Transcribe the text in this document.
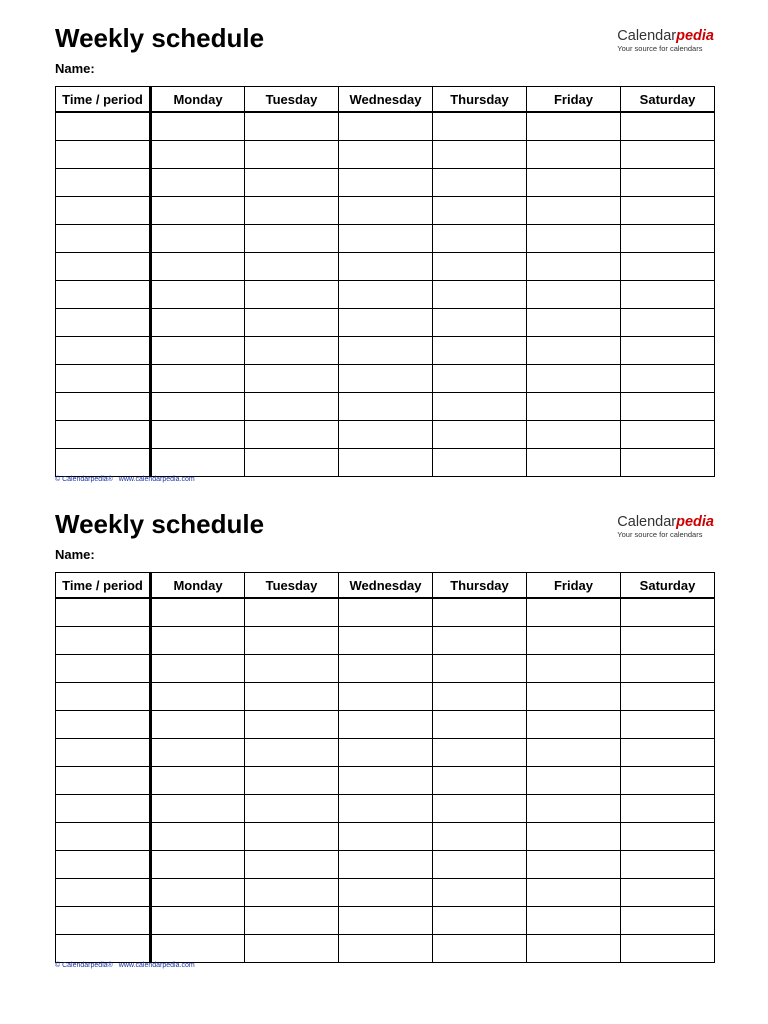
Weekly schedule
Name:
Calendarpedia
Your source for calendars
Time / period	Monday	Tuesday	Wednesday	Thursday	Friday	Saturday

© Calendarpedia® www.calendarpedia.com
Weekly schedule
Name:
Calendarpedia
Your source for calendars
Time / period	Monday	Tuesday	Wednesday	Thursday	Friday	Saturday

© Calendarpedia® www.calendarpedia.com
